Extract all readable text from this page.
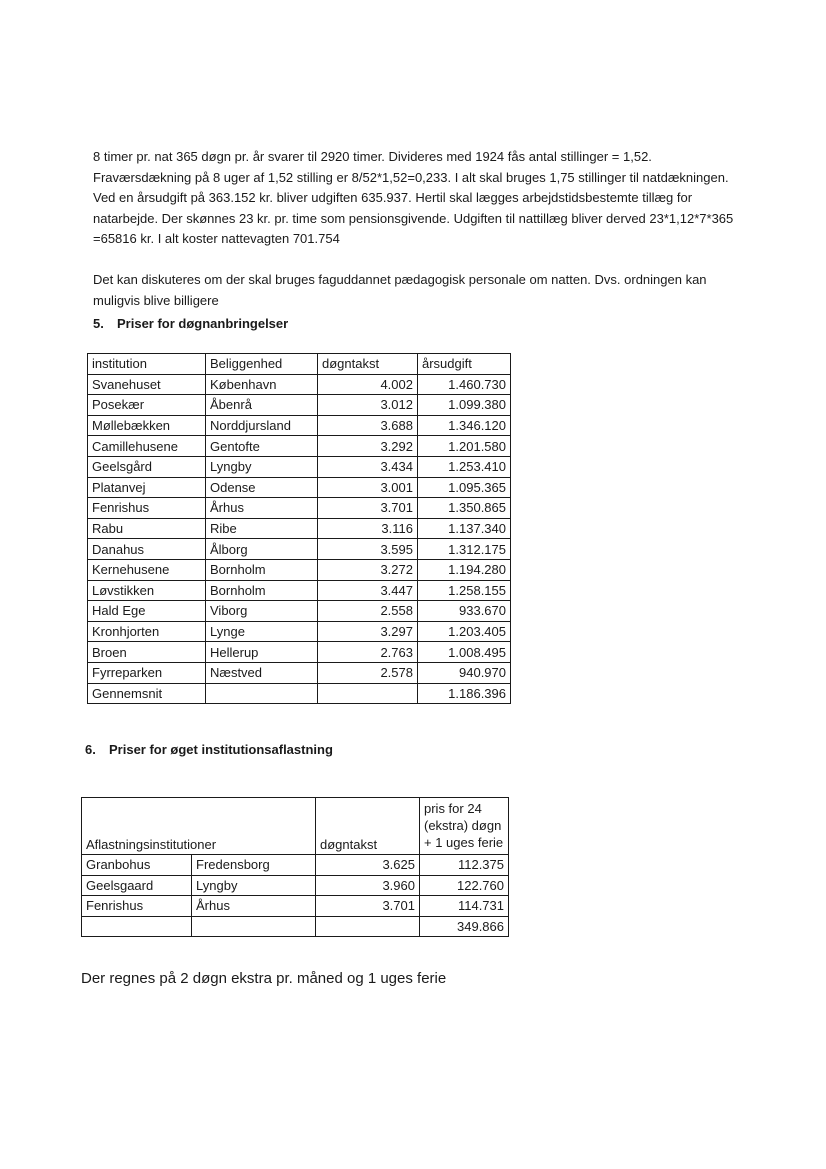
8 timer pr. nat 365 døgn pr. år svarer til 2920 timer. Divideres med 1924 fås antal stillinger = 1,52. Fraværsdækning på 8 uger af 1,52 stilling er 8/52*1,52=0,233. I alt skal bruges 1,75 stillinger til natdækningen. Ved en årsudgift på 363.152 kr. bliver udgiften 635.937. Hertil skal lægges arbejdstidsbestemte tillæg for natarbejde. Der skønnes 23 kr. pr. time som pensionsgivende. Udgiften til nattillæg bliver derved 23*1,12*7*365 =65816 kr. I alt koster nattevagten 701.754

Det kan diskuteres om der skal bruges faguddannet pædagogisk personale om natten. Dvs. ordningen kan muligvis blive billigere

5. Priser for døgnanbringelser

institution	Beliggenhed	døgntakst	årsudgift
Svanehuset	København	4.002	1.460.730
Posekær	Åbenrå	3.012	1.099.380
Møllebækken	Norddjursland	3.688	1.346.120
Camillehusene	Gentofte	3.292	1.201.580
Geelsgård	Lyngby	3.434	1.253.410
Platanvej	Odense	3.001	1.095.365
Fenrishus	Århus	3.701	1.350.865
Rabu	Ribe	3.116	1.137.340
Danahus	Ålborg	3.595	1.312.175
Kernehusene	Bornholm	3.272	1.194.280
Løvstikken	Bornholm	3.447	1.258.155
Hald Ege	Viborg	2.558	933.670
Kronhjorten	Lynge	3.297	1.203.405
Broen	Hellerup	2.763	1.008.495
Fyrreparken	Næstved	2.578	940.970
Gennemsnit			1.186.396

6. Priser for øget institutionsaflastning

Aflastningsinstitutioner		døgntakst	pris for 24 (ekstra) døgn + 1 uges ferie
Granbohus	Fredensborg	3.625	112.375
Geelsgaard	Lyngby	3.960	122.760
Fenrishus	Århus	3.701	114.731
			349.866

Der regnes på 2 døgn ekstra pr. måned og 1 uges ferie
